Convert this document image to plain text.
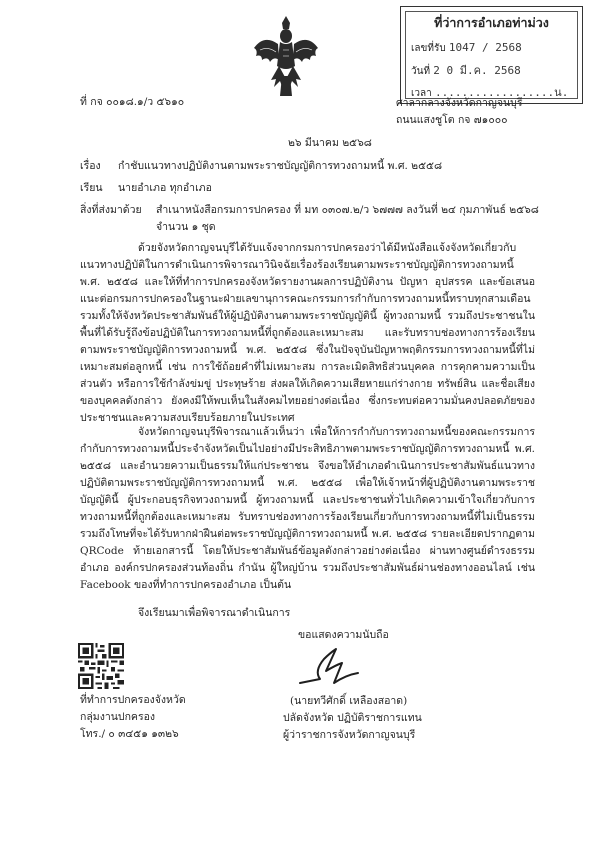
ที่ว่าการอำเภอท่าม่วง
เลขที่รับ 1047 / 2568
วันที่ 2 0 มี.ค. 2568
เวลา ..................น.
ที่ กจ ๐๐๑๘.๑/ว ๕๖๑๐	ศาลากลางจังหวัดกาญจนบุรี
ถนนแสงชูโต กจ ๗๑๐๐๐
๒๖ มีนาคม ๒๕๖๘
เรื่อง กำชับแนวทางปฏิบัติงานตามพระราชบัญญัติการทวงถามหนี้ พ.ศ. ๒๕๕๘
เรียน นายอำเภอ ทุกอำเภอ
สิ่งที่ส่งมาด้วย สำเนาหนังสือกรมการปกครอง ที่ มท ๐๓๐๗.๒/ว ๖๗๗๗ ลงวันที่ ๒๔ กุมภาพันธ์ ๒๕๖๘
จำนวน ๑ ชุด

ด้วยจังหวัดกาญจนบุรีได้รับแจ้งจากกรมการปกครองว่าได้มีหนังสือแจ้งจังหวัดเกี่ยวกับแนวทางปฏิบัติในการดำเนินการพิจารณาวินิจฉัยเรื่องร้องเรียนตามพระราชบัญญัติการทวงถามหนี้ พ.ศ. ๒๕๕๘ และให้ที่ทำการปกครองจังหวัดรายงานผลการปฏิบัติงาน ปัญหา อุปสรรค และข้อเสนอแนะต่อกรมการปกครองในฐานะฝ่ายเลขานุการคณะกรรมการกำกับการทวงถามหนี้ทราบทุกสามเดือน รวมทั้งให้จังหวัดประชาสัมพันธ์ให้ผู้ปฏิบัติงานตามพระราชบัญญัตินี้ ผู้ทวงถามหนี้ รวมถึงประชาชนในพื้นที่ได้รับรู้ถึงข้อปฏิบัติในการทวงถามหนี้ที่ถูกต้องและเหมาะสม และรับทราบช่องทางการร้องเรียนตามพระราชบัญญัติการทวงถามหนี้ พ.ศ. ๒๕๕๘ ซึ่งในปัจจุบันปัญหาพฤติกรรมการทวงถามหนี้ที่ไม่เหมาะสมต่อลูกหนี้ เช่น การใช้ถ้อยคำที่ไม่เหมาะสม การละเมิดสิทธิส่วนบุคคล การคุกคามความเป็นส่วนตัว หรือการใช้กำลังข่มขู่ ประทุษร้าย ส่งผลให้เกิดความเสียหายแก่ร่างกาย ทรัพย์สิน และชื่อเสียงของบุคคลดังกล่าว ยังคงมีให้พบเห็นในสังคมไทยอย่างต่อเนื่อง ซึ่งกระทบต่อความมั่นคงปลอดภัยของประชาชนและความสงบเรียบร้อยภายในประเทศ

จังหวัดกาญจนบุรีพิจารณาแล้วเห็นว่า เพื่อให้การกำกับการทวงถามหนี้ของคณะกรรมการกำกับการทวงถามหนี้ประจำจังหวัดเป็นไปอย่างมีประสิทธิภาพตามพระราชบัญญัติการทวงถามหนี้ พ.ศ. ๒๕๕๘ และอำนวยความเป็นธรรมให้แก่ประชาชน จึงขอให้อำเภอดำเนินการประชาสัมพันธ์แนวทางปฏิบัติตามพระราชบัญญัติการทวงถามหนี้ พ.ศ. ๒๕๕๘ เพื่อให้เจ้าหน้าที่ผู้ปฏิบัติงานตามพระราชบัญญัตินี้ ผู้ประกอบธุรกิจทวงถามหนี้ ผู้ทวงถามหนี้ และประชาชนทั่วไปเกิดความเข้าใจเกี่ยวกับการทวงถามหนี้ที่ถูกต้องและเหมาะสม รับทราบช่องทางการร้องเรียนเกี่ยวกับการทวงถามหนี้ที่ไม่เป็นธรรม รวมถึงโทษที่จะได้รับหากฝ่าฝืนต่อพระราชบัญญัติการทวงถามหนี้ พ.ศ. ๒๕๕๘ รายละเอียดปรากฏตาม QRCode ท้ายเอกสารนี้ โดยให้ประชาสัมพันธ์ข้อมูลดังกล่าวอย่างต่อเนื่อง ผ่านทางศูนย์ดำรงธรรมอำเภอ องค์กรปกครองส่วนท้องถิ่น กำนัน ผู้ใหญ่บ้าน รวมถึงประชาสัมพันธ์ผ่านช่องทางออนไลน์ เช่น Facebook ของที่ทำการปกครองอำเภอ เป็นต้น

จึงเรียนมาเพื่อพิจารณาดำเนินการ

ขอแสดงความนับถือ
(นายทวีศักดิ์ เหลืองสอาด)
ปลัดจังหวัด ปฏิบัติราชการแทน
ผู้ว่าราชการจังหวัดกาญจนบุรี
ที่ทำการปกครองจังหวัด
กลุ่มงานปกครอง
โทร./ ๐ ๓๔๕๑ ๑๓๒๖
